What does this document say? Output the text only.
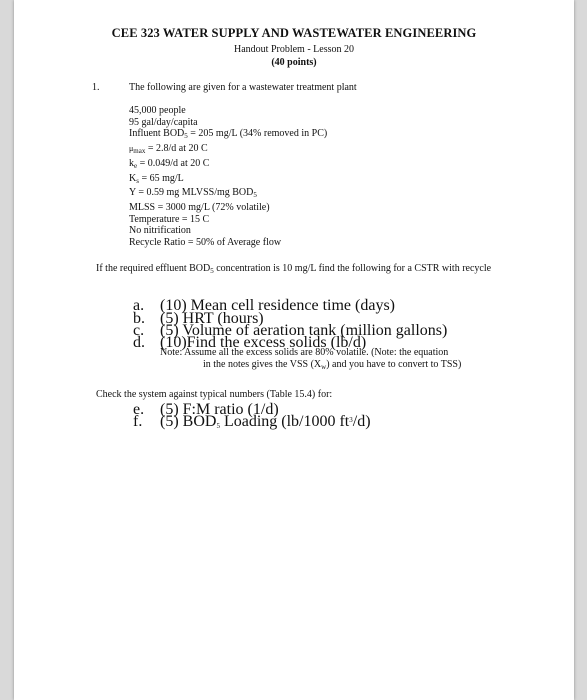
CEE 323 WATER SUPPLY AND WASTEWATER ENGINEERING
Handout Problem - Lesson 20
(40 points)
1.	The following are given for a wastewater treatment plant
45,000 people
95 gal/day/capita
Influent $BOD_5 = 205$ mg/L (34% removed in PC)
$\mu_{max} = 2.8/d$ at 20 C
$k_e = 0.049/d$ at 20 C
$K_s = 65$ mg/L
Y = 0.59 mg MLVSS/mg $BOD_5$
MLSS = 3000 mg/L (72% volatile)
Temperature = 15 C
No nitrification
Recycle Ratio = 50% of Average flow
If the required effluent $BOD_5$ concentration is 10 mg/L find the following for a CSTR with recycle
a. (10) Mean cell residence time (days)
b. (5) HRT (hours)
c. (5) Volume of aeration tank (million gallons)
d. (10)Find the excess solids (lb/d)
Note: Assume all the excess solids are 80% volatile. (Note: the equation
in the notes gives the VSS $(X_w)$ and you have to convert to TSS)
Check the system against typical numbers (Table 15.4) for:
e. (5) F:M ratio (1/d)
f. (5) $BOD_5$ Loading (lb/1000 $ft^3/d$)
